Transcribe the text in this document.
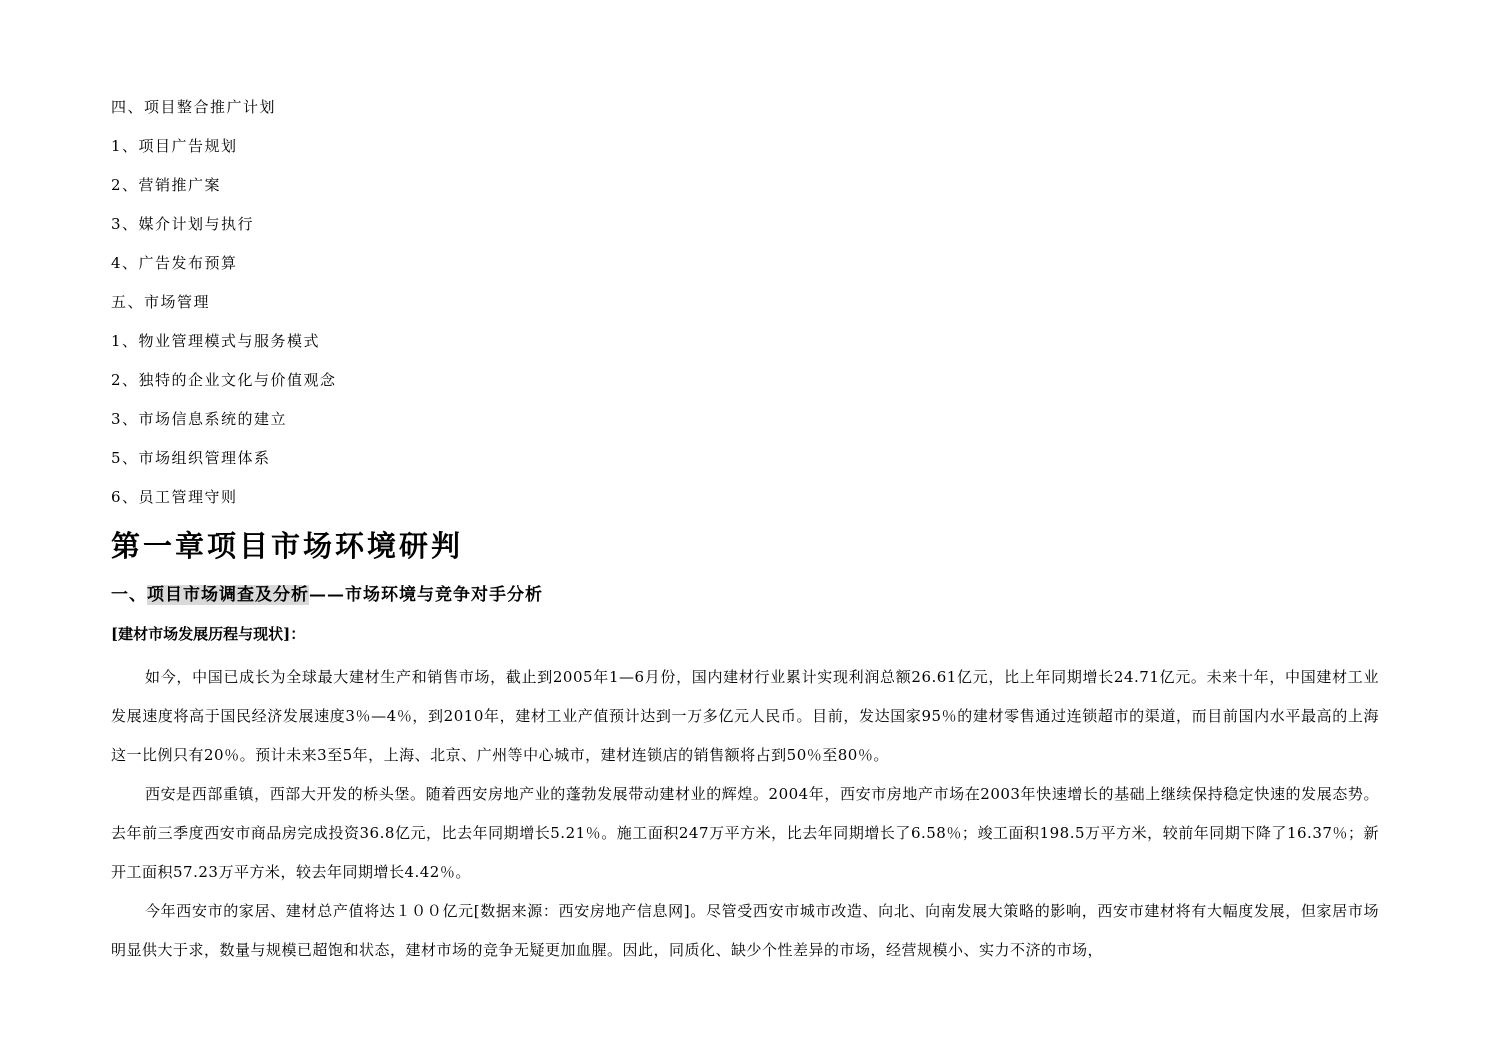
四、项目整合推广计划
1、项目广告规划
2、营销推广案
3、媒介计划与执行
4、广告发布预算
五、市场管理
1、物业管理模式与服务模式
2、独特的企业文化与价值观念
3、市场信息系统的建立
5、市场组织管理体系
6、员工管理守则
第一章项目市场环境研判
一、项目市场调查及分析——市场环境与竞争对手分析
[建材市场发展历程与现状]：

如今，中国已成长为全球最大建材生产和销售市场，截止到2005年1—6月份，国内建材行业累计实现利润总额26.61亿元，比上年同期增长24.71亿元。未来十年，中国建材工业发展速度将高于国民经济发展速度3％—4％，到2010年，建材工业产值预计达到一万多亿元人民币。目前，发达国家95％的建材零售通过连锁超市的渠道，而目前国内水平最高的上海这一比例只有20％。预计未来3至5年，上海、北京、广州等中心城市，建材连锁店的销售额将占到50％至80％。

西安是西部重镇，西部大开发的桥头堡。随着西安房地产业的蓬勃发展带动建材业的辉煌。2004年，西安市房地产市场在2003年快速增长的基础上继续保持稳定快速的发展态势。去年前三季度西安市商品房完成投资36.8亿元，比去年同期增长5.21％。施工面积247万平方米，比去年同期增长了6.58％；竣工面积198.5万平方米，较前年同期下降了16.37％；新开工面积57.23万平方米，较去年同期增长4.42％。

今年西安市的家居、建材总产值将达１００亿元[数据来源：西安房地产信息网]。尽管受西安市城市改造、向北、向南发展大策略的影响，西安市建材将有大幅度发展，但家居市场明显供大于求，数量与规模已超饱和状态，建材市场的竞争无疑更加血腥。因此，同质化、缺少个性差异的市场，经营规模小、实力不济的市场，
